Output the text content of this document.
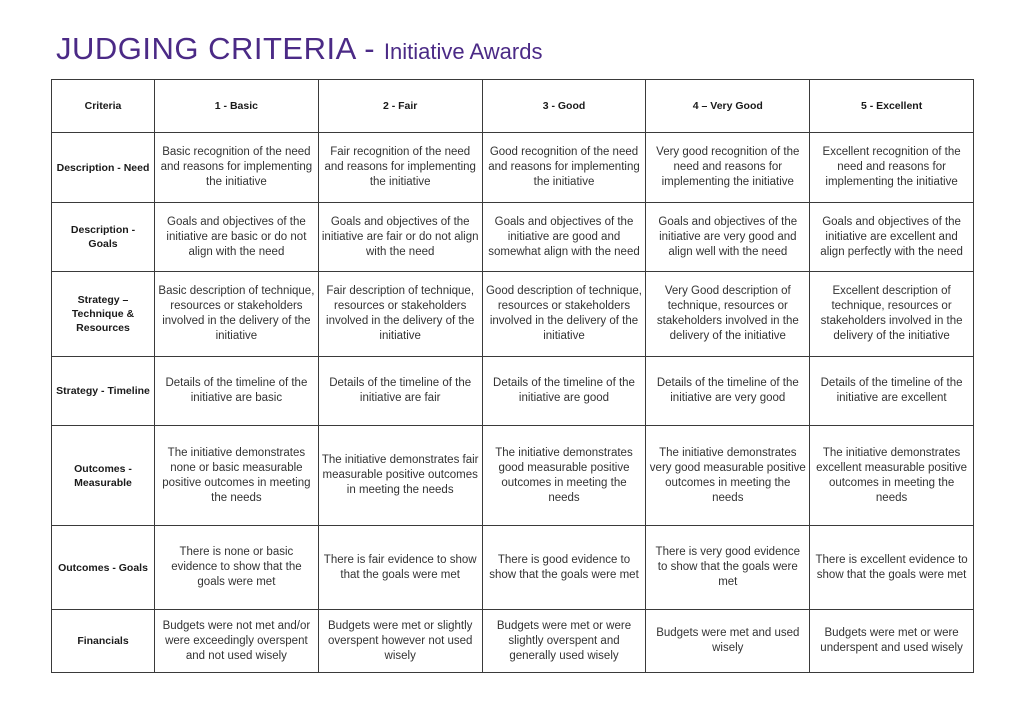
JUDGING CRITERIA - Initiative Awards
Criteria	1 - Basic	2 - Fair	3 - Good	4 – Very Good	5 - Excellent
Description - Need	Basic recognition of the need and reasons for implementing the initiative	Fair recognition of the need and reasons for implementing the initiative	Good recognition of the need and reasons for implementing the initiative	Very good recognition of the need and reasons for implementing the initiative	Excellent recognition of the need and reasons for implementing the initiative
Description - Goals	Goals and objectives of the initiative are basic or do not align with the need	Goals and objectives of the initiative are fair or do not align with the need	Goals and objectives of the initiative are good and somewhat align with the need	Goals and objectives of the initiative are very good and align well with the need	Goals and objectives of the initiative are excellent and align perfectly with the need
Strategy – Technique & Resources	Basic description of technique, resources or stakeholders involved in the delivery of the initiative	Fair description of technique, resources or stakeholders involved in the delivery of the initiative	Good description of technique, resources or stakeholders involved in the delivery of the initiative	Very Good description of technique, resources or stakeholders involved in the delivery of the initiative	Excellent description of technique, resources or stakeholders involved in the delivery of the initiative
Strategy - Timeline	Details of the timeline of the initiative are basic	Details of the timeline of the initiative are fair	Details of the timeline of the initiative are good	Details of the timeline of the initiative are very good	Details of the timeline of the initiative are excellent
Outcomes - Measurable	The initiative demonstrates none or basic measurable positive outcomes in meeting the needs	The initiative demonstrates fair measurable positive outcomes in meeting the needs	The initiative demonstrates good measurable positive outcomes in meeting the needs	The initiative demonstrates very good measurable positive outcomes in meeting the needs	The initiative demonstrates excellent measurable positive outcomes in meeting the needs
Outcomes - Goals	There is none or basic evidence to show that the goals were met	There is fair evidence to show that the goals were met	There is good evidence to show that the goals were met	There is very good evidence to show that the goals were met	There is excellent evidence to show that the goals were met
Financials	Budgets were not met and/or were exceedingly overspent and not used wisely	Budgets were met or slightly overspent however not used wisely	Budgets were met or were slightly overspent and generally used wisely	Budgets were met and used wisely	Budgets were met or were underspent and used wisely
